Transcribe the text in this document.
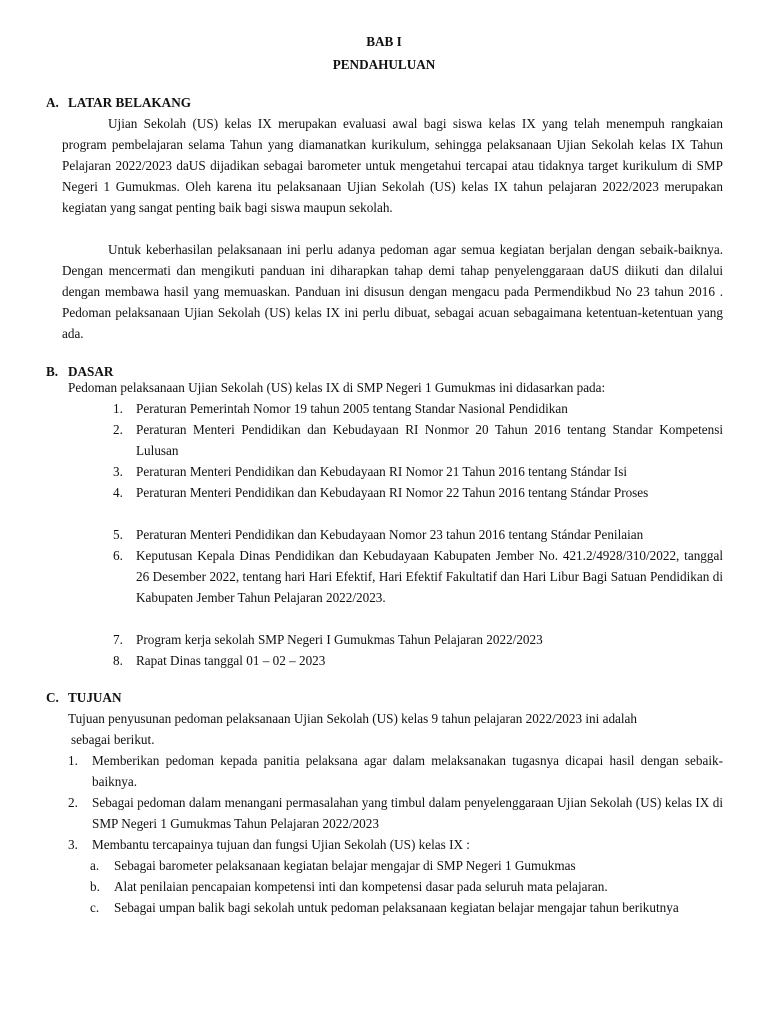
BAB I
PENDAHULUAN
A. LATAR BELAKANG
Ujian Sekolah (US) kelas IX merupakan evaluasi awal bagi siswa kelas IX yang telah menempuh rangkaian program pembelajaran selama Tahun yang diamanatkan kurikulum, sehingga pelaksanaan Ujian Sekolah kelas IX Tahun Pelajaran 2022/2023 daUS dijadikan sebagai barometer untuk mengetahui tercapai atau tidaknya target kurikulum di SMP Negeri 1 Gumukmas. Oleh karena itu pelaksanaan Ujian Sekolah (US) kelas IX tahun pelajaran 2022/2023 merupakan kegiatan yang sangat penting baik bagi siswa maupun sekolah.
Untuk keberhasilan pelaksanaan ini perlu adanya pedoman agar semua kegiatan berjalan dengan sebaik-baiknya. Dengan mencermati dan mengikuti panduan ini diharapkan tahap demi tahap penyelenggaraan daUS diikuti dan dilalui dengan membawa hasil yang memuaskan. Panduan ini disusun dengan mengacu pada Permendikbud No 23 tahun 2016 . Pedoman pelaksanaan Ujian Sekolah (US) kelas IX ini perlu dibuat, sebagai acuan sebagaimana ketentuan-ketentuan yang ada.
B. DASAR
Pedoman pelaksanaan Ujian Sekolah (US) kelas IX di SMP Negeri 1 Gumukmas ini didasarkan pada:
1. Peraturan Pemerintah Nomor 19 tahun 2005 tentang Standar Nasional Pendidikan
2. Peraturan Menteri Pendidikan dan Kebudayaan RI Nonmor 20 Tahun 2016 tentang Standar Kompetensi Lulusan
3. Peraturan Menteri Pendidikan dan Kebudayaan RI Nomor 21 Tahun 2016 tentang Stándar Isi
4. Peraturan Menteri Pendidikan dan Kebudayaan RI Nomor 22 Tahun 2016 tentang Stándar Proses
5. Peraturan Menteri Pendidikan dan Kebudayaan Nomor 23 tahun 2016 tentang Stándar Penilaian
6. Keputusan Kepala Dinas Pendidikan dan Kebudayaan Kabupaten Jember No. 421.2/4928/310/2022, tanggal 26 Desember 2022, tentang hari Hari Efektif, Hari Efektif Fakultatif dan Hari Libur Bagi Satuan Pendidikan di Kabupaten Jember Tahun Pelajaran 2022/2023.
7. Program kerja sekolah SMP Negeri I Gumukmas Tahun Pelajaran 2022/2023
8. Rapat Dinas tanggal 01 – 02 – 2023
C. TUJUAN
Tujuan penyusunan pedoman pelaksanaan Ujian Sekolah (US) kelas 9 tahun pelajaran 2022/2023 ini adalah
sebagai berikut.
1. Memberikan pedoman kepada panitia pelaksana agar dalam melaksanakan tugasnya dicapai hasil dengan sebaik-baiknya.
2. Sebagai pedoman dalam menangani permasalahan yang timbul dalam penyelenggaraan Ujian Sekolah (US) kelas IX di SMP Negeri 1 Gumukmas Tahun Pelajaran 2022/2023
3. Membantu tercapainya tujuan dan fungsi Ujian Sekolah (US) kelas IX :
a. Sebagai barometer pelaksanaan kegiatan belajar mengajar di SMP Negeri 1 Gumukmas
b. Alat penilaian pencapaian kompetensi inti dan kompetensi dasar pada seluruh mata pelajaran.
c. Sebagai umpan balik bagi sekolah untuk pedoman pelaksanaan kegiatan belajar mengajar tahun berikutnya
